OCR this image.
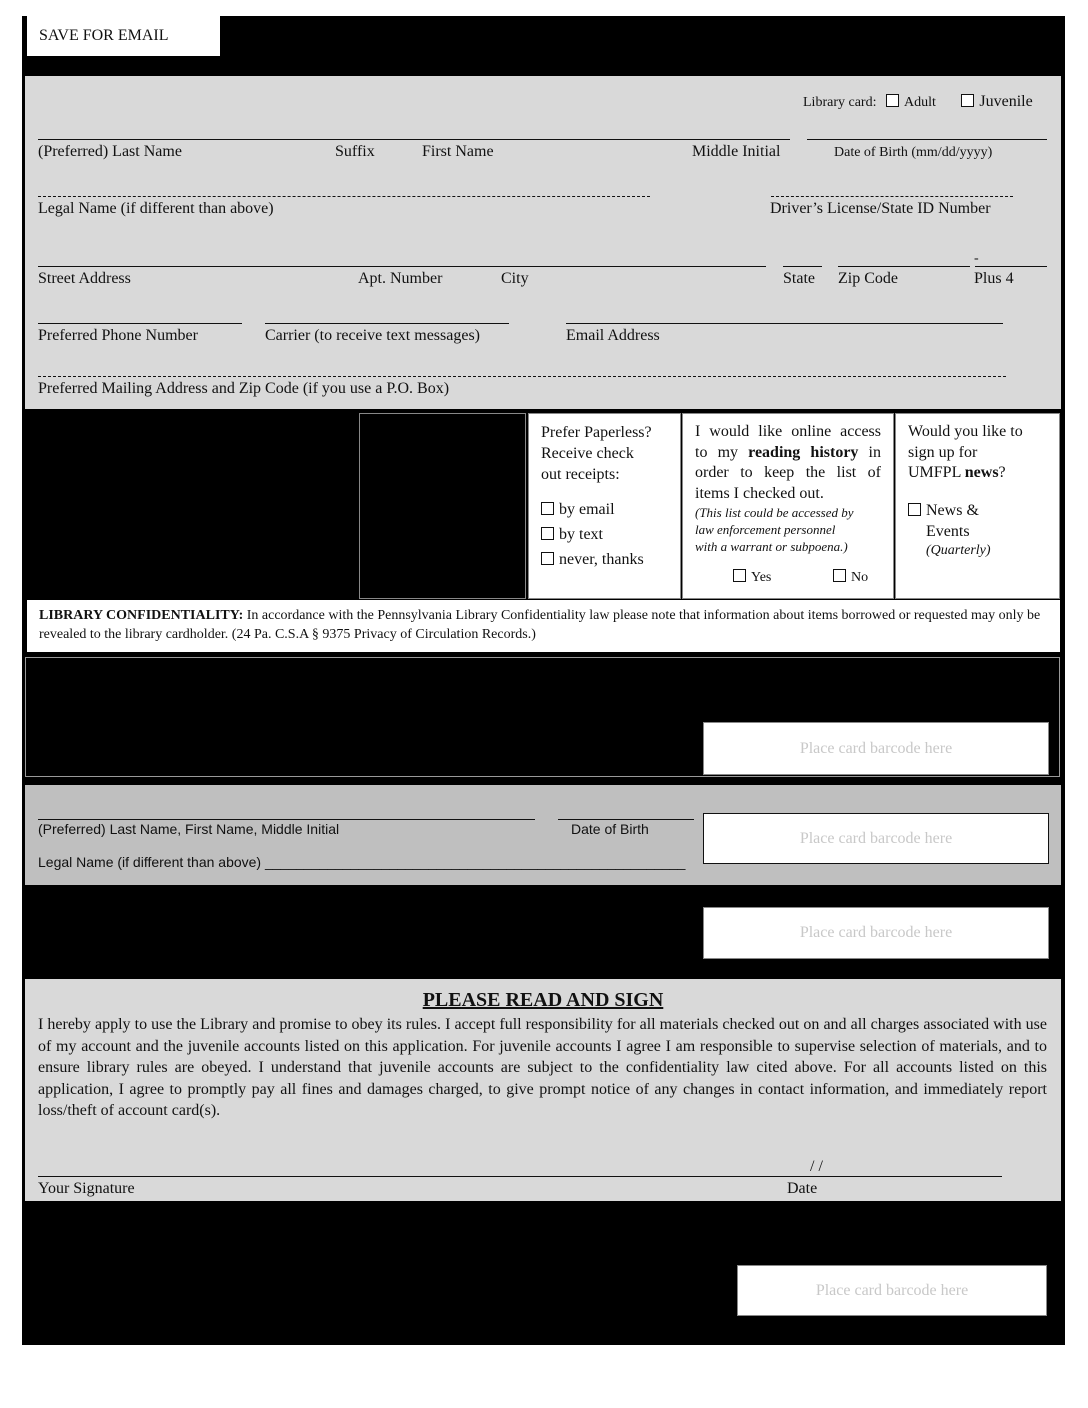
SAVE FOR EMAIL
Library card: Adult	Juvenile
(Preferred) Last Name	Suffix	First Name	Middle Initial	Date of Birth (mm/dd/yyyy)
Legal Name (if different than above)	Driver’s License/State ID Number
-
Street Address	Apt. Number	City	State Zip Code	Plus 4
Preferred Phone Number	Carrier (to receive text messages)	Email Address
Preferred Mailing Address and Zip Code (if you use a P.O. Box)
Prefer Paperless?
Receive check
out receipts:
by email
by text
never, thanks
I would like online access
to my reading history in
order to keep the list of
items I checked out.
(This list could be accessed by
law enforcement personnel
with a warrant or subpoena.)
Yes	No
Would you like to
sign up for
UMFPL news?
News &
Events
(Quarterly)
LIBRARY CONFIDENTIALITY: In accordance with the Pennsylvania Library Confidentiality law please note that information about items borrowed or requested may only be revealed to the library cardholder. (24 Pa. C.S.A § 9375 Privacy of Circulation Records.)
Place card barcode here
(Preferred) Last Name, First Name, Middle Initial	Date of Birth
Legal Name (if different than above) ______________________________________________________
Place card barcode here
Place card barcode here
PLEASE READ AND SIGN
I hereby apply to use the Library and promise to obey its rules. I accept full responsibility for all materials checked out on and all charges associated with use of my account and the juvenile accounts listed on this application. For juvenile accounts I agree I am responsible to supervise selection of materials, and to ensure library rules are obeyed. I understand that juvenile accounts are subject to the confidentiality law cited above. For all accounts listed on this application, I agree to promptly pay all fines and damages charged, to give prompt notice of any changes in contact information, and immediately report loss/theft of account card(s).
/ /
Your Signature	Date
Place card barcode here
